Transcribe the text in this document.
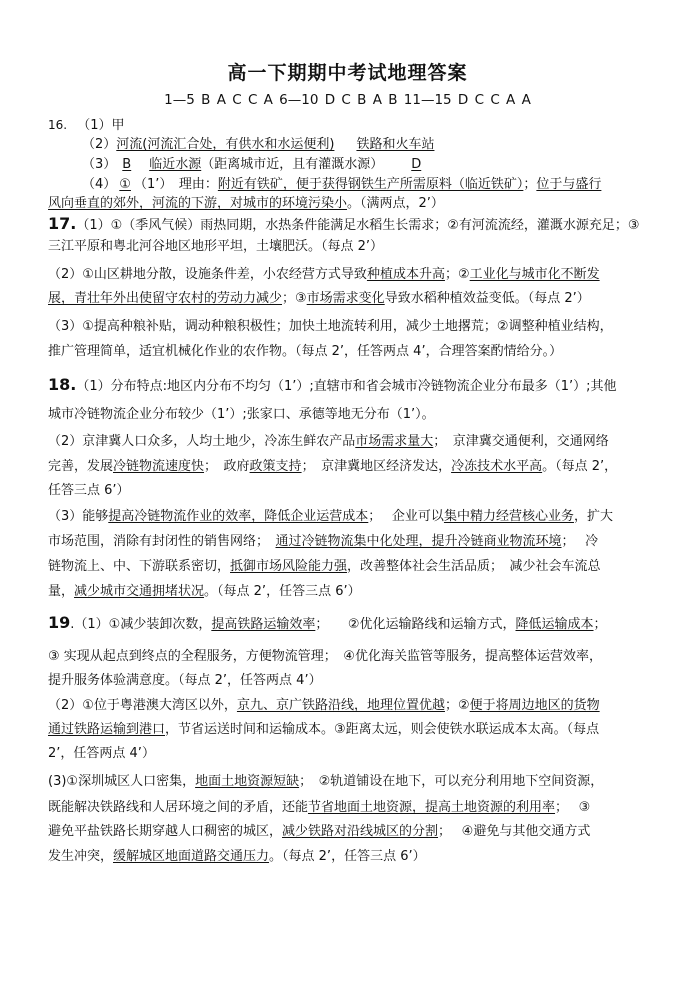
高一下期期中考试地理答案
1—5 B A C C A 6—10 D C B A B 11—15 D C C A A
16. （1）甲
（2）河流(河流汇合处，有供水和水运便利) 铁路和火车站
（3） B 临近水源（距离城市近，且有灌溉水源） D
（4） ① （1’）　理由：附近有铁矿，便于获得钢铁生产所需原料（临近铁矿）；位于与盛行
风向垂直的郊外，河流的下游，对城市的环境污染小。（满两点，2’）
17.（1）①（季风气候）雨热同期，水热条件能满足水稻生长需求；②有河流流经，灌溉水源充足；③
三江平原和粤北河谷地区地形平坦，土壤肥沃。（每点 2’）
（2）①山区耕地分散，设施条件差，小农经营方式导致种植成本升高；②工业化与城市化不断发
展，青壮年外出使留守农村的劳动力减少；③市场需求变化导致水稻种植效益变低。（每点 2’）
（3）①提高种粮补贴，调动种粮积极性；加快土地流转利用，减少土地撂荒；②调整种植业结构，
推广管理简单，适宜机械化作业的农作物。（每点 2’，任答两点 4’，合理答案酌情给分。）
18.（1）分布特点:地区内分布不均匀（1’）;直辖市和省会城市冷链物流企业分布最多（1’）;其他
城市冷链物流企业分布较少（1’）;张家口、承德等地无分布（1’）。
（2）京津冀人口众多，人均土地少，冷冻生鲜农产品市场需求量大；　京津冀交通便利，交通网络
完善，发展冷链物流速度快；　政府政策支持；　京津冀地区经济发达，冷冻技术水平高。（每点 2’，
任答三点 6’）
（3）能够提高冷链物流作业的效率，降低企业运营成本；　 企业可以集中精力经营核心业务，扩大
市场范围，消除有封闭性的销售网络；　通过冷链物流集中化处理，提升冷链商业物流环境；　 冷
链物流上、中、下游联系密切，抵御市场风险能力强，改善整体社会生活品质；　减少社会车流总
量，减少城市交通拥堵状况。（每点 2’，任答三点 6’）
19.（1）①减少装卸次数，提高铁路运输效率；　　②优化运输路线和运输方式，降低运输成本；
③ 实现从起点到终点的全程服务，方便物流管理；　④优化海关监管等服务，提高整体运营效率，
提升服务体验满意度。（每点 2’，任答两点 4’）
（2）①位于粤港澳大湾区以外，京九、京广铁路沿线，地理位置优越；②便于将周边地区的货物
通过铁路运输到港口，节省运送时间和运输成本。③距离太远，则会使铁水联运成本太高。（每点
2’，任答两点 4’）
(3)①深圳城区人口密集，地面土地资源短缺；　②轨道铺设在地下，可以充分利用地下空间资源，
既能解决铁路线和人居环境之间的矛盾，还能节省地面土地资源，提高土地资源的利用率；　 ③
避免平盐铁路长期穿越人口稠密的城区，减少铁路对沿线城区的分割；　 ④避免与其他交通方式
发生冲突，缓解城区地面道路交通压力。（每点 2’，任答三点 6’）
